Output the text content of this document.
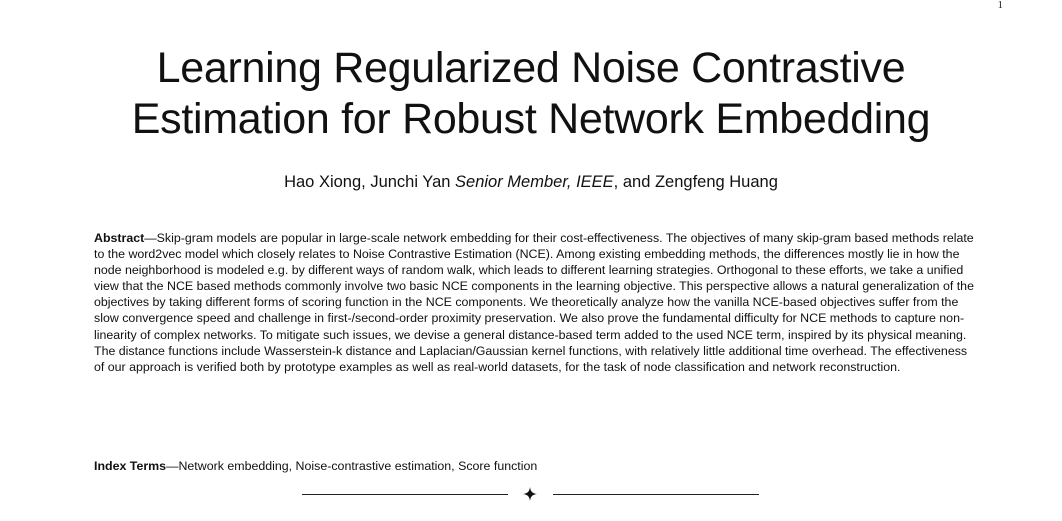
1
Learning Regularized Noise Contrastive
Estimation for Robust Network Embedding
Hao Xiong, Junchi Yan Senior Member, IEEE, and Zengfeng Huang

Abstract—Skip-gram models are popular in large-scale network embedding for their cost-effectiveness. The objectives of many skip-gram based methods relate to the word2vec model which closely relates to Noise Contrastive Estimation (NCE). Among existing embedding methods, the differences mostly lie in how the node neighborhood is modeled e.g. by different ways of random walk, which leads to different learning strategies. Orthogonal to these efforts, we take a unified view that the NCE based methods commonly involve two basic NCE components in the learning objective. This perspective allows a natural generalization of the objectives by taking different forms of scoring function in the NCE components. We theoretically analyze how the vanilla NCE-based objectives suffer from the slow convergence speed and challenge in first-/second-order proximity preservation. We also prove the fundamental difficulty for NCE methods to capture non-linearity of complex networks. To mitigate such issues, we devise a general distance-based term added to the used NCE term, inspired by its physical meaning. The distance functions include Wasserstein-k distance and Laplacian/Gaussian kernel functions, with relatively little additional time overhead. The effectiveness of our approach is verified both by prototype examples as well as real-world datasets, for the task of node classification and network reconstruction.

Index Terms—Network embedding, Noise-contrastive estimation, Score function
